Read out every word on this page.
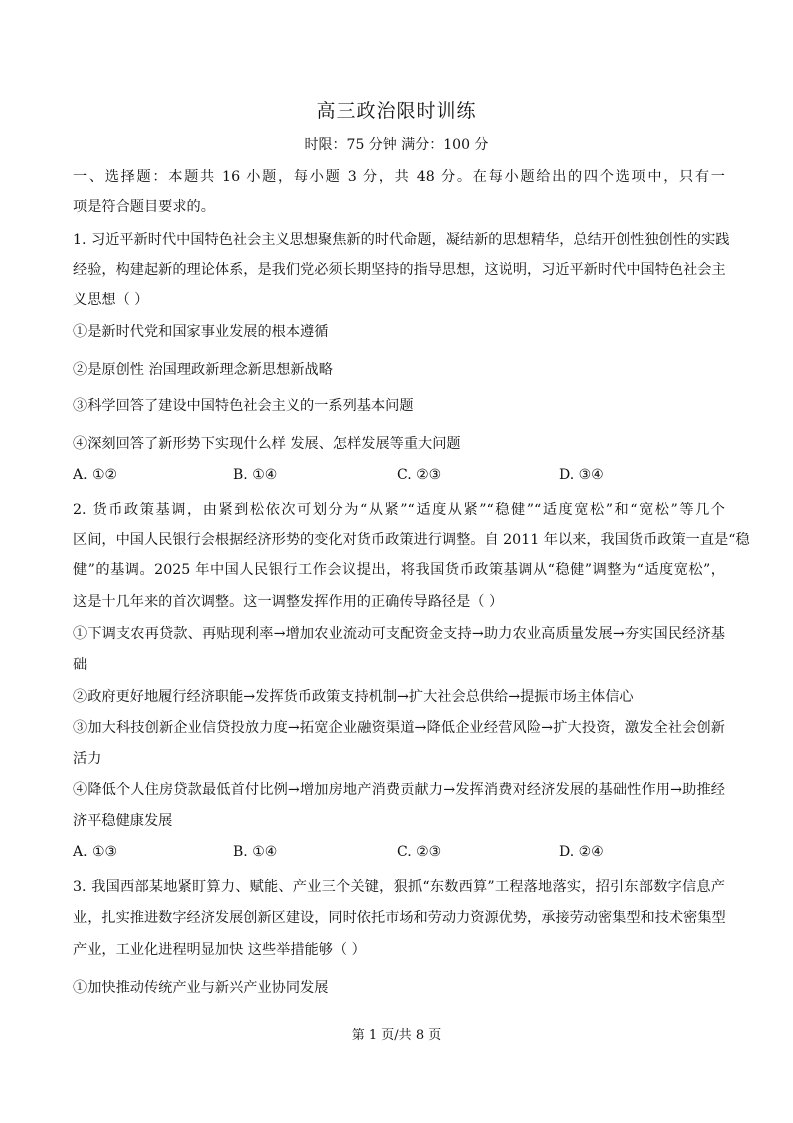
高三政治限时训练
时限：75 分钟 满分：100 分
一、选择题：本题共 16 小题，每小题 3 分，共 48 分。在每小题给出的四个选项中，只有一
项是符合题目要求的。
1. 习近平新时代中国特色社会主义思想聚焦新的时代命题，凝结新的思想精华，总结开创性独创性的实践
经验，构建起新的理论体系，是我们党必须长期坚持的指导思想，这说明，习近平新时代中国特色社会主
义思想（ ）
①是新时代党和国家事业发展的根本遵循
②是原创性 治国理政新理念新思想新战略
③科学回答了建设中国特色社会主义的一系列基本问题
④深刻回答了新形势下实现什么样 发展、怎样发展等重大问题
A. ①②	B. ①④	C. ②③	D. ③④
2. 货币政策基调，由紧到松依次可划分为“从紧”“适度从紧”“稳健”“适度宽松”和“宽松”等几个
区间，中国人民银行会根据经济形势的变化对货币政策进行调整。自 2011 年以来，我国货币政策一直是“稳
健”的基调。2025 年中国人民银行工作会议提出，将我国货币政策基调从“稳健”调整为“适度宽松”，
这是十几年来的首次调整。这一调整发挥作用的正确传导路径是（ ）
①下调支农再贷款、再贴现利率→增加农业流动可支配资金支持→助力农业高质量发展→夯实国民经济基
础
②政府更好地履行经济职能→发挥货币政策支持机制→扩大社会总供给→提振市场主体信心
③加大科技创新企业信贷投放力度→拓宽企业融资渠道→降低企业经营风险→扩大投资，激发全社会创新
活力
④降低个人住房贷款最低首付比例→增加房地产消费贡献力→发挥消费对经济发展的基础性作用→助推经
济平稳健康发展
A. ①③	B. ①④	C. ②③	D. ②④
3. 我国西部某地紧盯算力、赋能、产业三个关键，狠抓“东数西算”工程落地落实，招引东部数字信息产
业，扎实推进数字经济发展创新区建设，同时依托市场和劳动力资源优势，承接劳动密集型和技术密集型
产业，工业化进程明显加快 这些举措能够（ ）
①加快推动传统产业与新兴产业协同发展
第 1 页/共 8 页
